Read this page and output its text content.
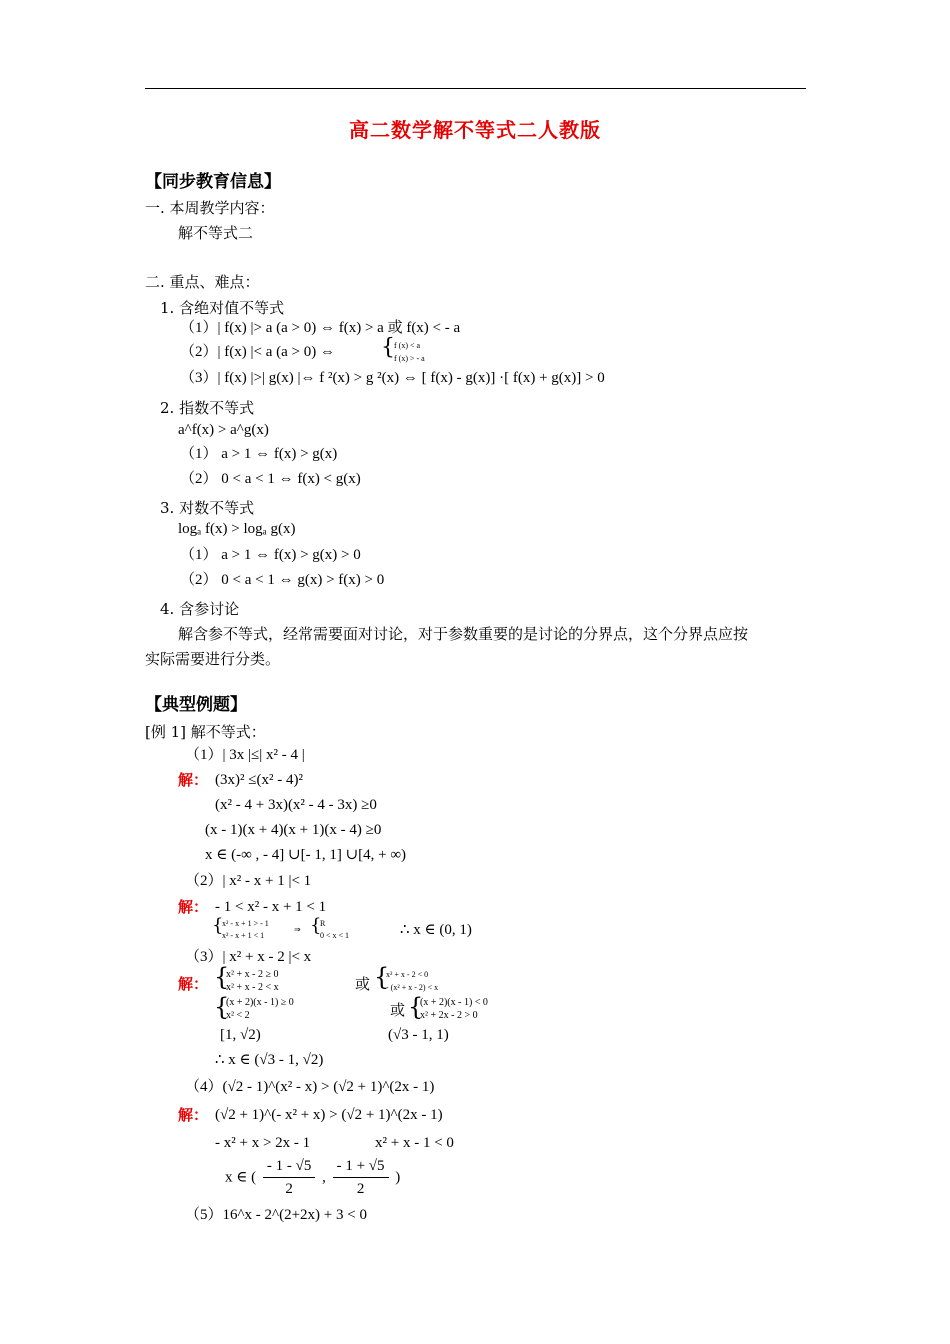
高二数学解不等式二人教版
【同步教育信息】
一. 本周教学内容：
解不等式二
二. 重点、难点：
1. 含绝对值不等式
（1）| f(x) |> a (a > 0) ⇔ f(x) > a 或 f(x) < - a
（2）| f(x) |< a (a > 0) ⇔ { f (x) < a
f (x) > - a
（3）| f(x) |>| g(x) |⇔ f ²(x) > g ²(x) ⇔ [ f(x) - g(x)] ·[ f(x) + g(x)] > 0
2. 指数不等式
a^f(x) > a^g(x)
（1） a > 1 ⇔ f(x) > g(x)
（2） 0 < a < 1 ⇔ f(x) < g(x)
3. 对数不等式
logₐ f(x) > logₐ g(x)
（1） a > 1 ⇔ f(x) > g(x) > 0
（2） 0 < a < 1 ⇔ g(x) > f(x) > 0
4. 含参讨论
解含参不等式，经常需要面对讨论，对于参数重要的是讨论的分界点，这个分界点应按
实际需要进行分类。
【典型例题】
[例 1] 解不等式：
（1）| 3x |≤| x² - 4 |
解： (3x)² ≤(x² - 4)²
(x² - 4 + 3x)(x² - 4 - 3x) ≥0
(x - 1)(x + 4)(x + 1)(x - 4) ≥0
x ∈ (-∞ , - 4] ∪[- 1, 1] ∪[4, + ∞)
（2）| x² - x + 1 |< 1
解： - 1 < x² - x + 1 < 1
{
x² - x + 1 > - 1
x² - x + 1 < 1
⇒ {
R
0 < x < 1	∴ x ∈ (0, 1)
（3）| x² + x - 2 |< x
解： {
x² + x - 2 ≥ 0
x² + x - 2 < x	或 {
x² + x - 2 < 0
- (x² + x - 2) < x
{
(x + 2)(x - 1) ≥ 0
x² < 2	或 {
(x + 2)(x - 1) < 0
x² + 2x - 2 > 0
[1, √2)	(√3 - 1, 1)
∴ x ∈ (√3 - 1, √2)
（4）(√2 - 1)^(x² - x) > (√2 + 1)^(2x - 1)
解： (√2 + 1)^(- x² + x) > (√2 + 1)^(2x - 1)
- x² + x > 2x - 1	x² + x - 1 < 0
x ∈ ( $\frac{- 1 - √5}{2}$ , $\frac{- 1 + √5}{2}$ )
（5）16^x - 2^(2+2x) + 3 < 0
